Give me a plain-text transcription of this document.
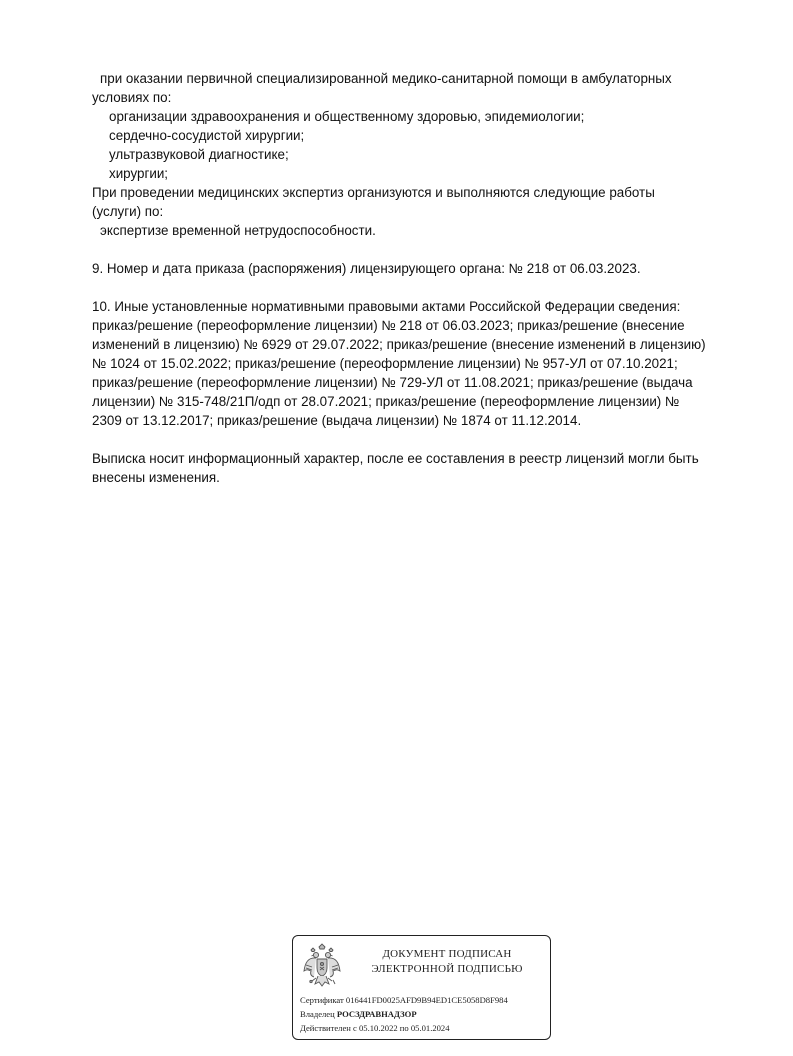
при оказании первичной специализированной медико-санитарной помощи в амбулаторных
условиях по:
организации здравоохранения и общественному здоровью, эпидемиологии;
сердечно-сосудистой хирургии;
ультразвуковой диагностике;
хирургии;
При проведении медицинских экспертиз организуются и выполняются следующие работы
(услуги) по:
экспертизе временной нетрудоспособности.
9. Номер и дата приказа (распоряжения) лицензирующего органа: № 218 от 06.03.2023.
10. Иные установленные нормативными правовыми актами Российской Федерации сведения:
приказ/решение (переоформление лицензии) № 218 от 06.03.2023; приказ/решение (внесение
изменений в лицензию) № 6929 от 29.07.2022; приказ/решение (внесение изменений в лицензию)
№ 1024 от 15.02.2022; приказ/решение (переоформление лицензии) № 957-УЛ от 07.10.2021;
приказ/решение (переоформление лицензии) № 729-УЛ от 11.08.2021; приказ/решение (выдача
лицензии) № 315-748/21П/одп от 28.07.2021; приказ/решение (переоформление лицензии) №
2309 от 13.12.2017; приказ/решение (выдача лицензии) № 1874 от 11.12.2014.
Выписка носит информационный характер, после ее составления в реестр лицензий могли быть
внесены изменения.
ДОКУМЕНТ ПОДПИСАН
ЭЛЕКТРОННОЙ ПОДПИСЬЮ
Сертификат 016441FD0025AFD9B94ED1CE5058D8F984
Владелец РОСЗДРАВНАДЗОР
Действителен с 05.10.2022 по 05.01.2024
